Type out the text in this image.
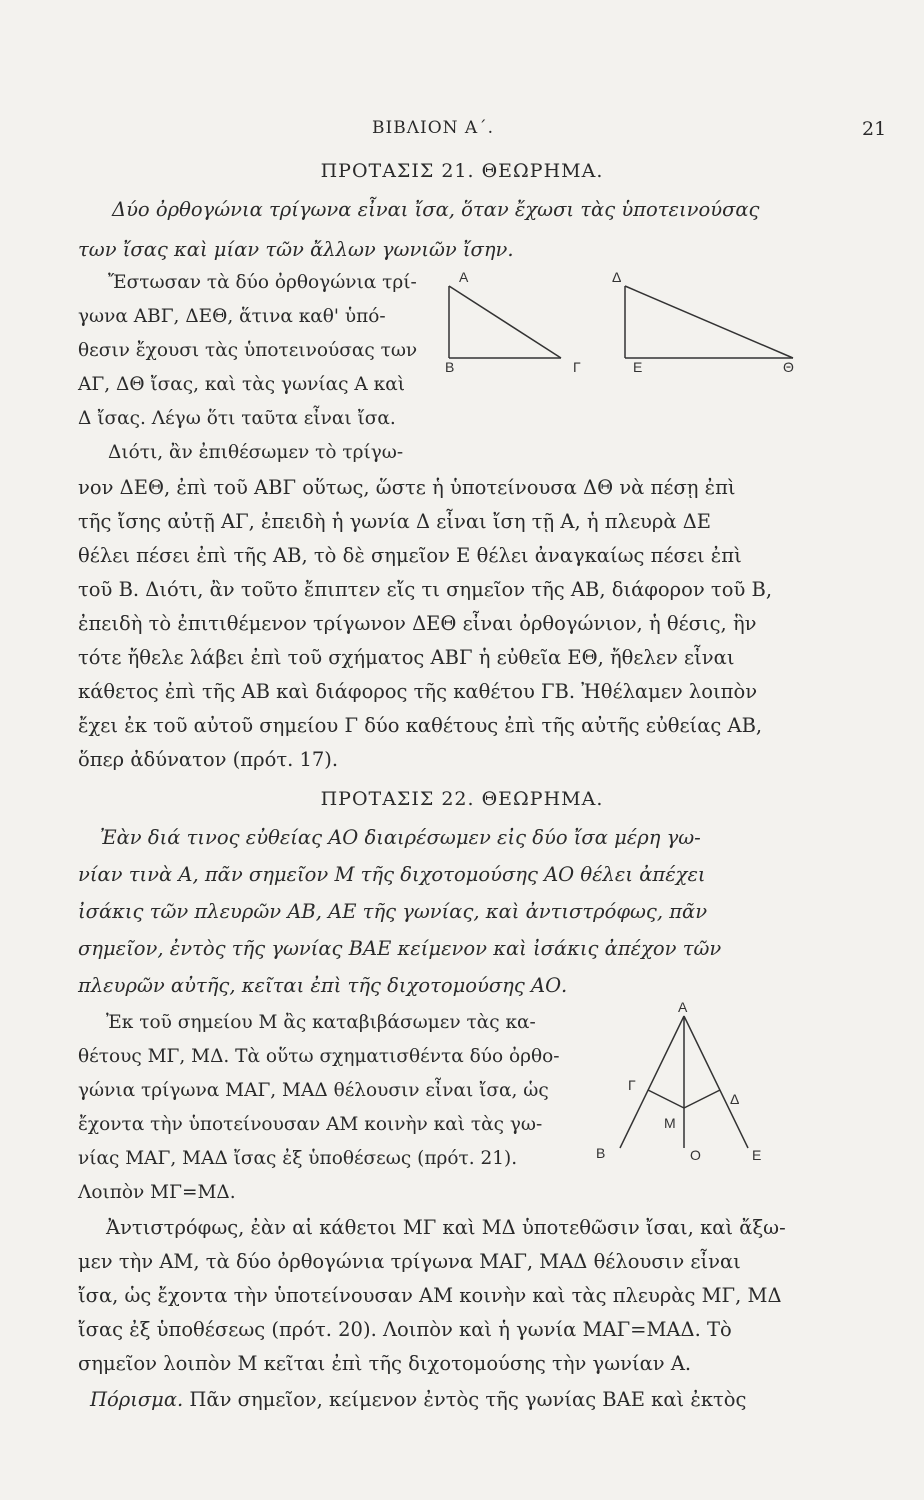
ΒΙΒΛΙΟΝ Α΄.	21
ΠΡΟΤΑΣΙΣ 21. ΘΕΩΡΗΜΑ.
Δύο ὀρθογώνια τρίγωνα εἶναι ἴσα, ὅταν ἔχωσι τὰς ὑποτεινούσας
των ἴσας καὶ μίαν τῶν ἄλλων γωνιῶν ἴσην.
Ἔστωσαν τὰ δύο ὀρθογώνια τρί-
γωνα ΑΒΓ, ΔΕΘ, ἅτινα καθ' ὑπό-
θεσιν ἔχουσι τὰς ὑποτεινούσας των
ΑΓ, ΔΘ ἴσας, καὶ τὰς γωνίας Α καὶ
Δ ἴσας. Λέγω ὅτι ταῦτα εἶναι ἴσα.
Διότι, ἂν ἐπιθέσωμεν τὸ τρίγω-
νον ΔΕΘ, ἐπὶ τοῦ ΑΒΓ οὕτως, ὥστε ἡ ὑποτείνουσα ΔΘ νὰ πέσῃ ἐπὶ
τῆς ἴσης αὐτῇ ΑΓ, ἐπειδὴ ἡ γωνία Δ εἶναι ἴση τῇ Α, ἡ πλευρὰ ΔΕ
θέλει πέσει ἐπὶ τῆς ΑΒ, τὸ δὲ σημεῖον Ε θέλει ἀναγκαίως πέσει ἐπὶ
τοῦ Β. Διότι, ἂν τοῦτο ἔπιπτεν εἴς τι σημεῖον τῆς ΑΒ, διάφορον τοῦ Β,
ἐπειδὴ τὸ ἐπιτιθέμενον τρίγωνον ΔΕΘ εἶναι ὀρθογώνιον, ἡ θέσις, ἣν
τότε ἤθελε λάβει ἐπὶ τοῦ σχήματος ΑΒΓ ἡ εὐθεῖα ΕΘ, ἤθελεν εἶναι
κάθετος ἐπὶ τῆς ΑΒ καὶ διάφορος τῆς καθέτου ΓΒ. Ἠθέλαμεν λοιπὸν
ἔχει ἐκ τοῦ αὐτοῦ σημείου Γ δύο καθέτους ἐπὶ τῆς αὐτῆς εὐθείας ΑΒ,
ὅπερ ἀδύνατον (πρότ. 17).
Α
Β	Γ
Δ
Ε	Θ
ΠΡΟΤΑΣΙΣ 22. ΘΕΩΡΗΜΑ.
Ἐὰν διά τινος εὐθείας ΑΟ διαιρέσωμεν εἰς δύο ἴσα μέρη γω-
νίαν τινὰ Α, πᾶν σημεῖον Μ τῆς διχοτομούσης ΑΟ θέλει ἀπέχει
ἰσάκις τῶν πλευρῶν ΑΒ, ΑΕ τῆς γωνίας, καὶ ἀντιστρόφως, πᾶν
σημεῖον, ἐντὸς τῆς γωνίας ΒΑΕ κείμενον καὶ ἰσάκις ἀπέχον τῶν
πλευρῶν αὐτῆς, κεῖται ἐπὶ τῆς διχοτομούσης ΑΟ.
Ἐκ τοῦ σημείου Μ ἂς καταβιβάσωμεν τὰς κα-
θέτους ΜΓ, ΜΔ. Τὰ οὕτω σχηματισθέντα δύο ὀρθο-
γώνια τρίγωνα ΜΑΓ, ΜΑΔ θέλουσιν εἶναι ἴσα, ὡς
ἔχοντα τὴν ὑποτείνουσαν ΑΜ κοινὴν καὶ τὰς γω-
νίας ΜΑΓ, ΜΑΔ ἴσας ἐξ ὑποθέσεως (πρότ. 21).
Λοιπὸν ΜΓ=ΜΔ.
Ἀντιστρόφως, ἐὰν αἱ κάθετοι ΜΓ καὶ ΜΔ ὑποτεθῶσιν ἴσαι, καὶ ἄξω-
μεν τὴν ΑΜ, τὰ δύο ὀρθογώνια τρίγωνα ΜΑΓ, ΜΑΔ θέλουσιν εἶναι
ἴσα, ὡς ἔχοντα τὴν ὑποτείνουσαν ΑΜ κοινὴν καὶ τὰς πλευρὰς ΜΓ, ΜΔ
ἴσας ἐξ ὑποθέσεως (πρότ. 20). Λοιπὸν καὶ ἡ γωνία ΜΑΓ=ΜΑΔ. Τὸ
σημεῖον λοιπὸν Μ κεῖται ἐπὶ τῆς διχοτομούσης τὴν γωνίαν Α.
Πόρισμα. Πᾶν σημεῖον, κείμενον ἐντὸς τῆς γωνίας ΒΑΕ καὶ ἐκτὸς
Α
Γ
Δ
Μ
Β	Ο	Ε
